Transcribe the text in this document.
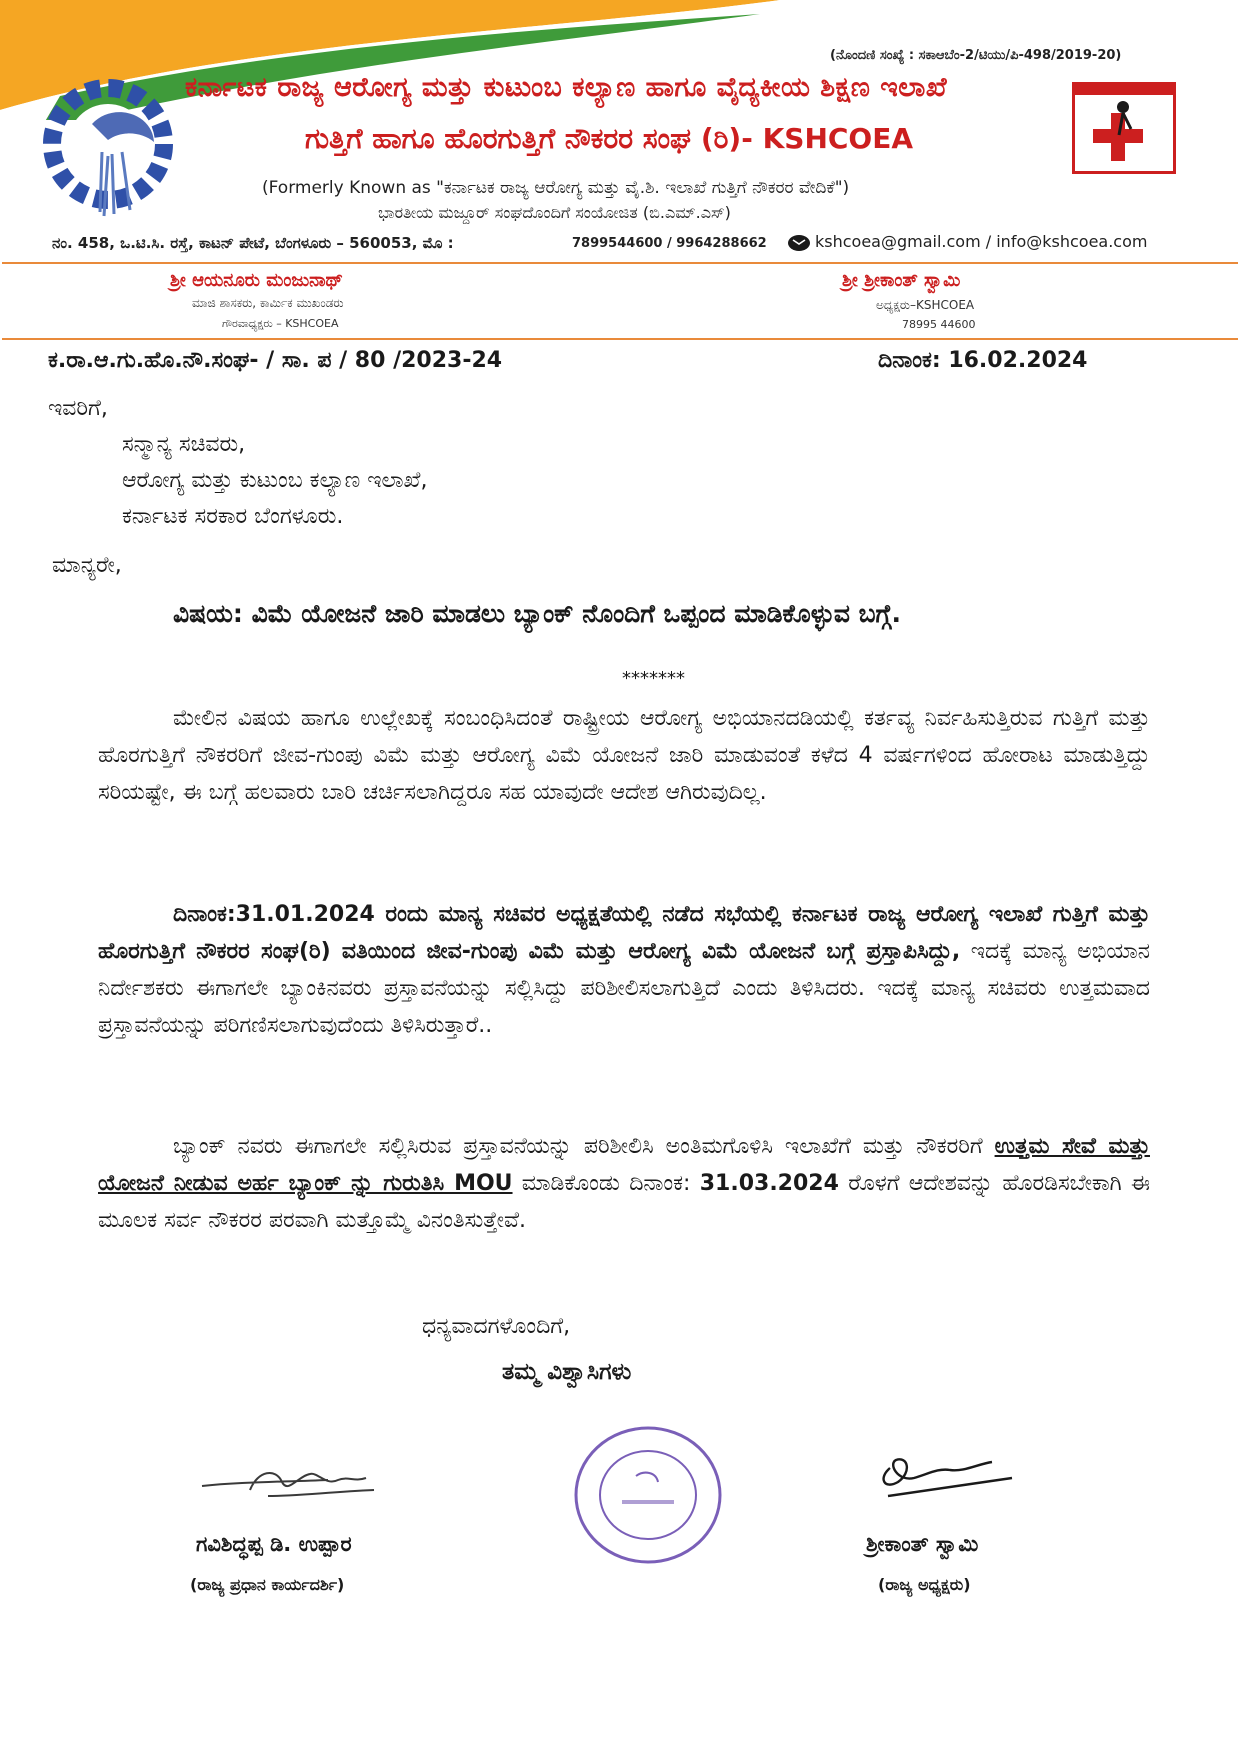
(ನೊಂದಣಿ ಸಂಖ್ಯೆ : ಸಕಾಆಬೆಂ-2/ಟಿಯು/ಪಿ-498/2019-20)
ಕರ್ನಾಟಕ ರಾಜ್ಯ ಆರೋಗ್ಯ ಮತ್ತು ಕುಟುಂಬ ಕಲ್ಯಾಣ ಹಾಗೂ ವೈದ್ಯಕೀಯ ಶಿಕ್ಷಣ ಇಲಾಖೆ
ಗುತ್ತಿಗೆ ಹಾಗೂ ಹೊರಗುತ್ತಿಗೆ ನೌಕರರ ಸಂಘ (ರಿ)- KSHCOEA
(Formerly Known as "ಕರ್ನಾಟಕ ರಾಜ್ಯ ಆರೋಗ್ಯ ಮತ್ತು ವೈ.ಶಿ. ಇಲಾಖೆ ಗುತ್ತಿಗೆ ನೌಕರರ ವೇದಿಕೆ")
ಭಾರತೀಯ ಮಜ್ದೂರ್ ಸಂಘದೊಂದಿಗೆ ಸಂಯೋಜಿತ (ಬಿ.ಎಮ್.ಎಸ್)
ನಂ. 458, ಒ.ಟಿ.ಸಿ. ರಸ್ತೆ, ಕಾಟನ್ ಪೇಟೆ, ಬೆಂಗಳೂರು – 560053, ಮೊ :	7899544600 / 9964288662	kshcoea@gmail.com / info@kshcoea.com
ಶ್ರೀ ಆಯನೂರು ಮಂಜುನಾಥ್
ಮಾಜಿ ಶಾಸಕರು, ಕಾರ್ಮಿಕ ಮುಖಂಡರು
ಗೌರವಾಧ್ಯಕ್ಷರು – KSHCOEA
ಶ್ರೀ ಶ್ರೀಕಾಂತ್ ಸ್ವಾಮಿ
ಅಧ್ಯಕ್ಷರು–KSHCOEA
78995 44600
ಕ.ರಾ.ಆ.ಗು.ಹೊ.ನೌ.ಸಂಘ- / ಸಾ. ಪ / 80 /2023-24	ದಿನಾಂಕ: 16.02.2024
ಇವರಿಗೆ,
ಸನ್ಮಾನ್ಯ ಸಚಿವರು,
ಆರೋಗ್ಯ ಮತ್ತು ಕುಟುಂಬ ಕಲ್ಯಾಣ ಇಲಾಖೆ,
ಕರ್ನಾಟಕ ಸರಕಾರ ಬೆಂಗಳೂರು.
ಮಾನ್ಯರೇ,
ವಿಷಯ: ವಿಮೆ ಯೋಜನೆ ಜಾರಿ ಮಾಡಲು ಬ್ಯಾಂಕ್ ನೊಂದಿಗೆ ಒಪ್ಪಂದ ಮಾಡಿಕೊಳ್ಳುವ ಬಗ್ಗೆ.
*******
ಮೇಲಿನ ವಿಷಯ ಹಾಗೂ ಉಲ್ಲೇಖಕ್ಕೆ ಸಂಬಂಧಿಸಿದಂತೆ ರಾಷ್ಟ್ರೀಯ ಆರೋಗ್ಯ ಅಭಿಯಾನದಡಿಯಲ್ಲಿ ಕರ್ತವ್ಯ ನಿರ್ವಹಿಸುತ್ತಿರುವ ಗುತ್ತಿಗೆ ಮತ್ತು ಹೊರಗುತ್ತಿಗೆ ನೌಕರರಿಗೆ ಜೀವ-ಗುಂಪು ವಿಮೆ ಮತ್ತು ಆರೋಗ್ಯ ವಿಮೆ ಯೋಜನೆ ಜಾರಿ ಮಾಡುವಂತೆ ಕಳೆದ 4 ವರ್ಷಗಳಿಂದ ಹೋರಾಟ ಮಾಡುತ್ತಿದ್ದು ಸರಿಯಷ್ಟೇ, ಈ ಬಗ್ಗೆ ಹಲವಾರು ಬಾರಿ ಚರ್ಚಿಸಲಾಗಿದ್ದರೂ ಸಹ ಯಾವುದೇ ಆದೇಶ ಆಗಿರುವುದಿಲ್ಲ.
ದಿನಾಂಕ:31.01.2024 ರಂದು ಮಾನ್ಯ ಸಚಿವರ ಅಧ್ಯಕ್ಷತೆಯಲ್ಲಿ ನಡೆದ ಸಭೆಯಲ್ಲಿ ಕರ್ನಾಟಕ ರಾಜ್ಯ ಆರೋಗ್ಯ ಇಲಾಖೆ ಗುತ್ತಿಗೆ ಮತ್ತು ಹೊರಗುತ್ತಿಗೆ ನೌಕರರ ಸಂಘ(ರಿ) ವತಿಯಿಂದ ಜೀವ-ಗುಂಪು ವಿಮೆ ಮತ್ತು ಆರೋಗ್ಯ ವಿಮೆ ಯೋಜನೆ ಬಗ್ಗೆ ಪ್ರಸ್ತಾಪಿಸಿದ್ದು, ಇದಕ್ಕೆ ಮಾನ್ಯ ಅಭಿಯಾನ ನಿರ್ದೇಶಕರು ಈಗಾಗಲೇ ಬ್ಯಾಂಕಿನವರು ಪ್ರಸ್ತಾವನೆಯನ್ನು ಸಲ್ಲಿಸಿದ್ದು ಪರಿಶೀಲಿಸಲಾಗುತ್ತಿದೆ ಎಂದು ತಿಳಿಸಿದರು. ಇದಕ್ಕೆ ಮಾನ್ಯ ಸಚಿವರು ಉತ್ತಮವಾದ ಪ್ರಸ್ತಾವನೆಯನ್ನು ಪರಿಗಣಿಸಲಾಗುವುದೆಂದು ತಿಳಿಸಿರುತ್ತಾರೆ..
ಬ್ಯಾಂಕ್ ನವರು ಈಗಾಗಲೇ ಸಲ್ಲಿಸಿರುವ ಪ್ರಸ್ತಾವನೆಯನ್ನು ಪರಿಶೀಲಿಸಿ ಅಂತಿಮಗೊಳಿಸಿ ಇಲಾಖೆಗೆ ಮತ್ತು ನೌಕರರಿಗೆ ಉತ್ತಮ ಸೇವೆ ಮತ್ತು ಯೋಜನೆ ನೀಡುವ ಅರ್ಹ ಬ್ಯಾಂಕ್ ನ್ನು ಗುರುತಿಸಿ MOU ಮಾಡಿಕೊಂಡು ದಿನಾಂಕ: 31.03.2024 ರೊಳಗೆ ಆದೇಶವನ್ನು ಹೊರಡಿಸಬೇಕಾಗಿ ಈ ಮೂಲಕ ಸರ್ವ ನೌಕರರ ಪರವಾಗಿ ಮತ್ತೊಮ್ಮೆ ವಿನಂತಿಸುತ್ತೇವೆ.
ಧನ್ಯವಾದಗಳೊಂದಿಗೆ,
ತಮ್ಮ ವಿಶ್ವಾಸಿಗಳು
ಗವಿಶಿದ್ಧಪ್ಪ ಡಿ. ಉಪ್ಪಾರ
(ರಾಜ್ಯ ಪ್ರಧಾನ ಕಾರ್ಯದರ್ಶಿ)
ಶ್ರೀಕಾಂತ್ ಸ್ವಾಮಿ
(ರಾಜ್ಯ ಅಧ್ಯಕ್ಷರು)
